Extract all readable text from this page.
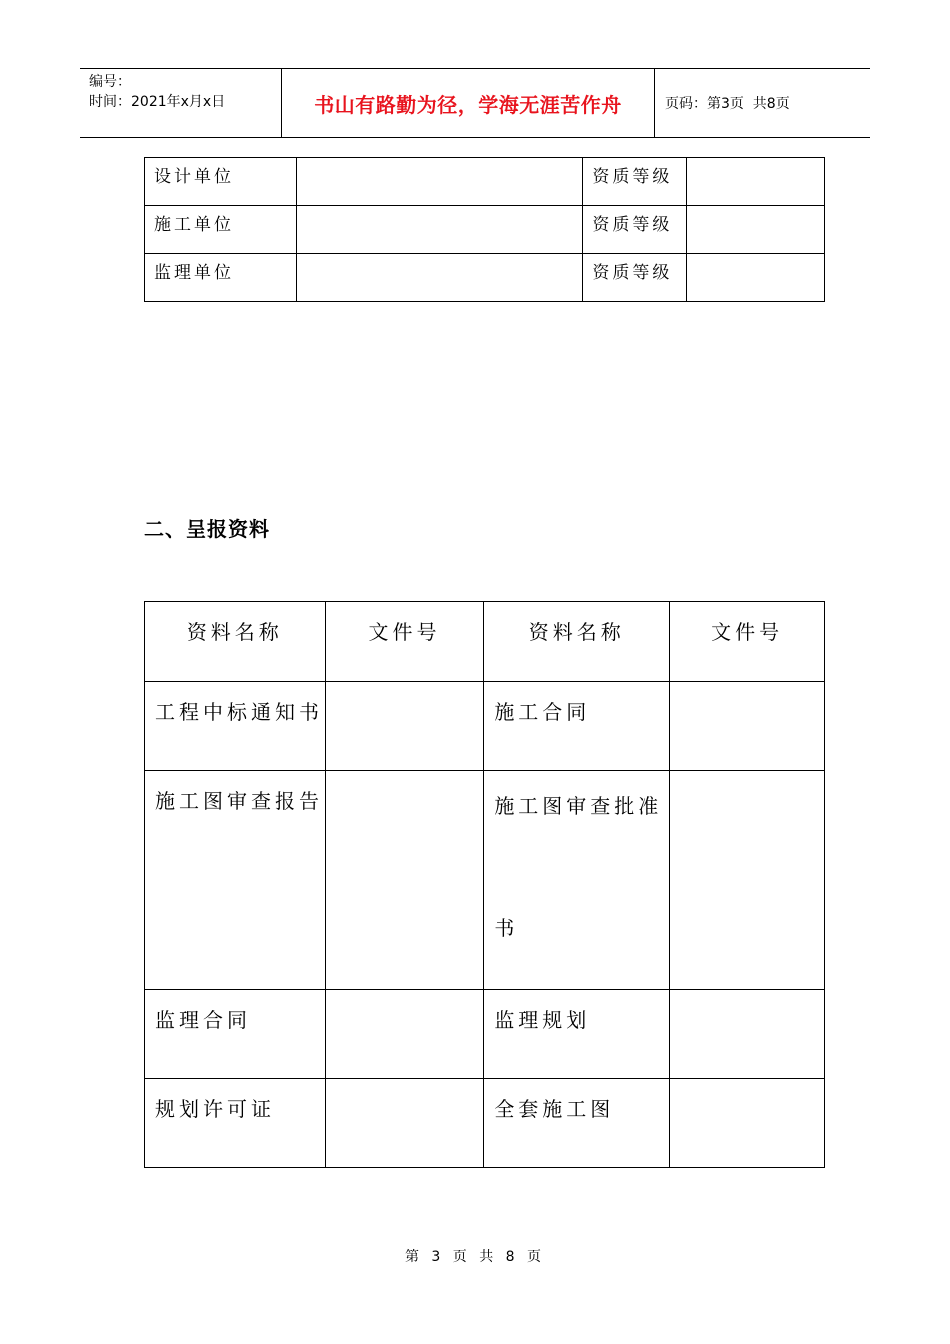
编号：
时间：2021年x月x日	书山有路勤为径，学海无涯苦作舟	页码：第3页  共8页
设计单位		资质等级	

施工单位		资质等级	

监理单位		资质等级	

二、呈报资料
资料名称	文件号	资料名称	文件号

工程中标通知书		施工合同	

施工图审查报告		施工图审查批准书	

监理合同		监理规划	

规划许可证		全套施工图	

第 3 页 共 8 页
